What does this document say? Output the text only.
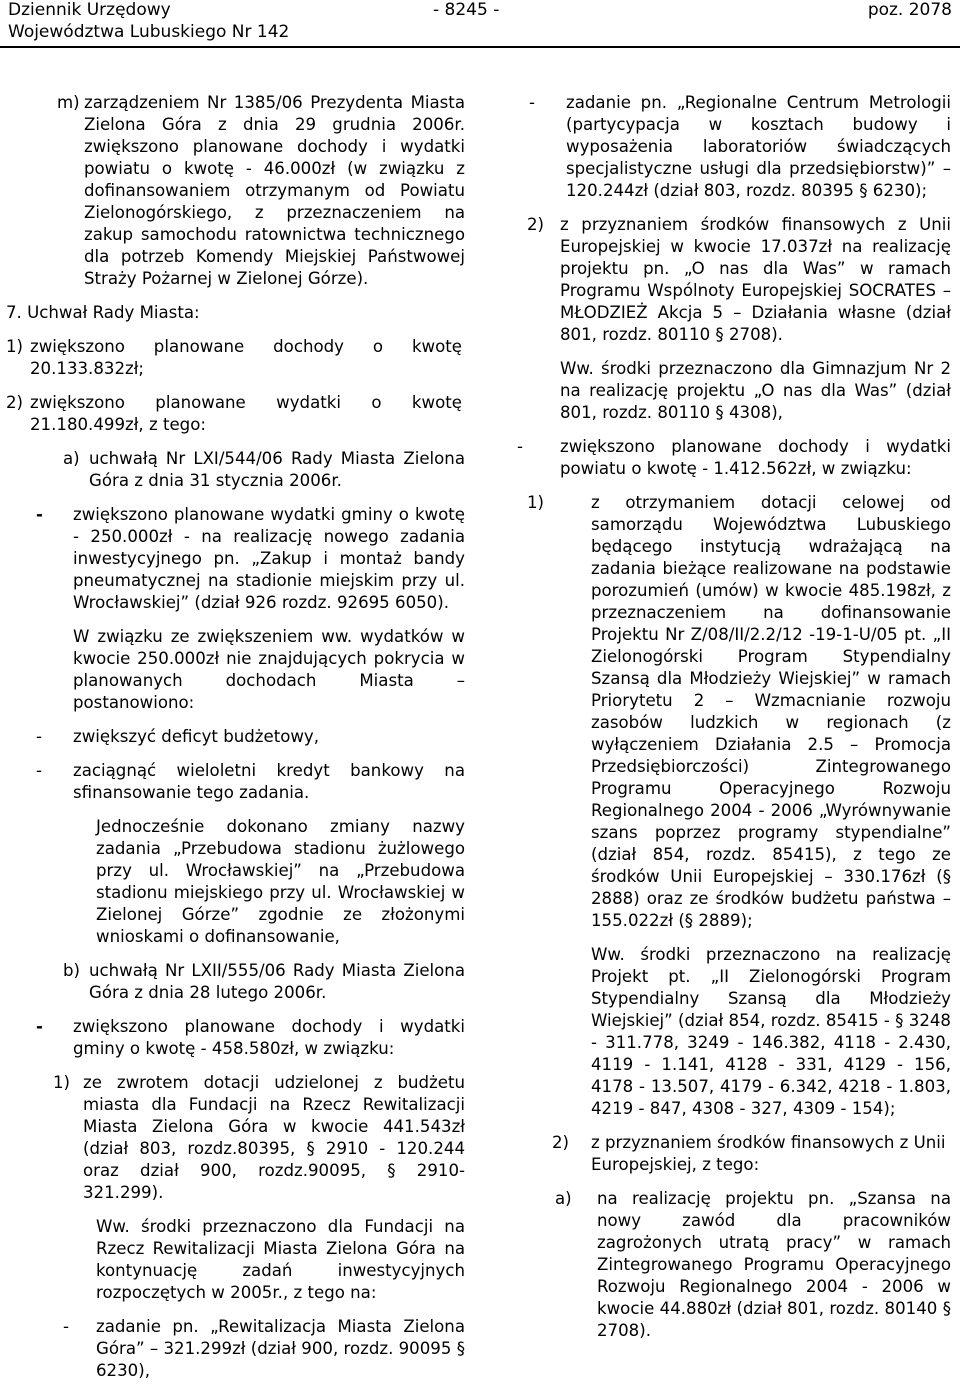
Dziennik Urzędowy
Województwa Lubuskiego Nr 142
- 8245 -	poz. 2078
m) zarządzeniem Nr 1385/06 Prezydenta Miasta Zielona Góra z dnia 29 grudnia 2006r. zwiększono planowane dochody i wydatki powiatu o kwotę - 46.000zł (w związku z dofinansowaniem otrzymanym od Powiatu Zielonogórskiego, z przeznaczeniem na zakup samochodu ratownictwa technicznego dla potrzeb Komendy Miejskiej Państwowej Straży Pożarnej w Zielonej Górze).
7. Uchwał Rady Miasta:
1) zwiększono planowane dochody o kwotę 20.133.832zł;
2) zwiększono planowane wydatki o kwotę 21.180.499zł, z tego:
a) uchwałą Nr LXI/544/06 Rady Miasta Zielona Góra z dnia 31 stycznia 2006r.
-	zwiększono planowane wydatki gminy o kwotę - 250.000zł - na realizację nowego zadania inwestycyjnego pn. „Zakup i montaż bandy pneumatycznej na stadionie miejskim przy ul. Wrocławskiej” (dział 926 rozdz. 92695 6050).
W związku ze zwiększeniem ww. wydatków w kwocie 250.000zł nie znajdujących pokrycia w planowanych dochodach Miasta – postanowiono:
-	zwiększyć deficyt budżetowy,
-	zaciągnąć wieloletni kredyt bankowy na sfinansowanie tego zadania.
Jednocześnie dokonano zmiany nazwy zadania „Przebudowa stadionu żużlowego przy ul. Wrocławskiej” na „Przebudowa stadionu miejskiego przy ul. Wrocławskiej w Zielonej Górze” zgodnie ze złożonymi wnioskami o dofinansowanie,
b) uchwałą Nr LXII/555/06 Rady Miasta Zielona Góra z dnia 28 lutego 2006r.
-	zwiększono planowane dochody i wydatki gminy o kwotę - 458.580zł, w związku:
1) ze zwrotem dotacji udzielonej z budżetu miasta dla Fundacji na Rzecz Rewitalizacji Miasta Zielona Góra w kwocie 441.543zł (dział 803, rozdz.80395, § 2910 - 120.244 oraz dział 900, rozdz.90095, § 2910-321.299).
Ww. środki przeznaczono dla Fundacji na Rzecz Rewitalizacji Miasta Zielona Góra na kontynuację zadań inwestycyjnych rozpoczętych w 2005r., z tego na:
-	zadanie pn. „Rewitalizacja Miasta Zielona Góra” – 321.299zł (dział 900, rozdz. 90095 § 6230),
-	zadanie pn. „Regionalne Centrum Metrologii (partycypacja w kosztach budowy i wyposażenia laboratoriów świadczących specjalistyczne usługi dla przedsiębiorstw)” – 120.244zł (dział 803, rozdz. 80395 § 6230);
2) z przyznaniem środków finansowych z Unii Europejskiej w kwocie 17.037zł na realizację projektu pn. „O nas dla Was” w ramach Programu Wspólnoty Europejskiej SOCRATES – MŁODZIEŻ Akcja 5 – Działania własne (dział 801, rozdz. 80110 § 2708).
Ww. środki przeznaczono dla Gimnazjum Nr 2 na realizację projektu „O nas dla Was” (dział 801, rozdz. 80110 § 4308),
-	zwiększono planowane dochody i wydatki powiatu o kwotę - 1.412.562zł, w związku:
1)	z otrzymaniem dotacji celowej od samorządu Województwa Lubuskiego będącego instytucją wdrażającą na zadania bieżące realizowane na podstawie porozumień (umów) w kwocie 485.198zł, z przeznaczeniem na dofinansowanie Projektu Nr Z/08/II/2.2/12 -19-1-U/05 pt. „II Zielonogórski Program Stypendialny Szansą dla Młodzieży Wiejskiej” w ramach Priorytetu 2 – Wzmacnianie rozwoju zasobów ludzkich w regionach (z wyłączeniem Działania 2.5 – Promocja Przedsiębiorczości) Zintegrowanego Programu Operacyjnego Rozwoju Regionalnego 2004 - 2006 „Wyrównywanie szans poprzez programy stypendialne” (dział 854, rozdz. 85415), z tego ze środków Unii Europejskiej – 330.176zł (§ 2888) oraz ze środków budżetu państwa – 155.022zł (§ 2889);
Ww. środki przeznaczono na realizację Projekt pt. „II Zielonogórski Program Stypendialny Szansą dla Młodzieży Wiejskiej” (dział 854, rozdz. 85415 - § 3248 - 311.778, 3249 - 146.382, 4118 - 2.430, 4119 - 1.141, 4128 - 331, 4129 - 156, 4178 - 13.507, 4179 - 6.342, 4218 - 1.803, 4219 - 847, 4308 - 327, 4309 - 154);
2)	z przyznaniem środków finansowych z Unii Europejskiej, z tego:
a)	na realizację projektu pn. „Szansa na nowy zawód dla pracowników zagrożonych utratą pracy” w ramach Zintegrowanego Programu Operacyjnego Rozwoju Regionalnego 2004 - 2006 w kwocie 44.880zł (dział 801, rozdz. 80140 § 2708).
